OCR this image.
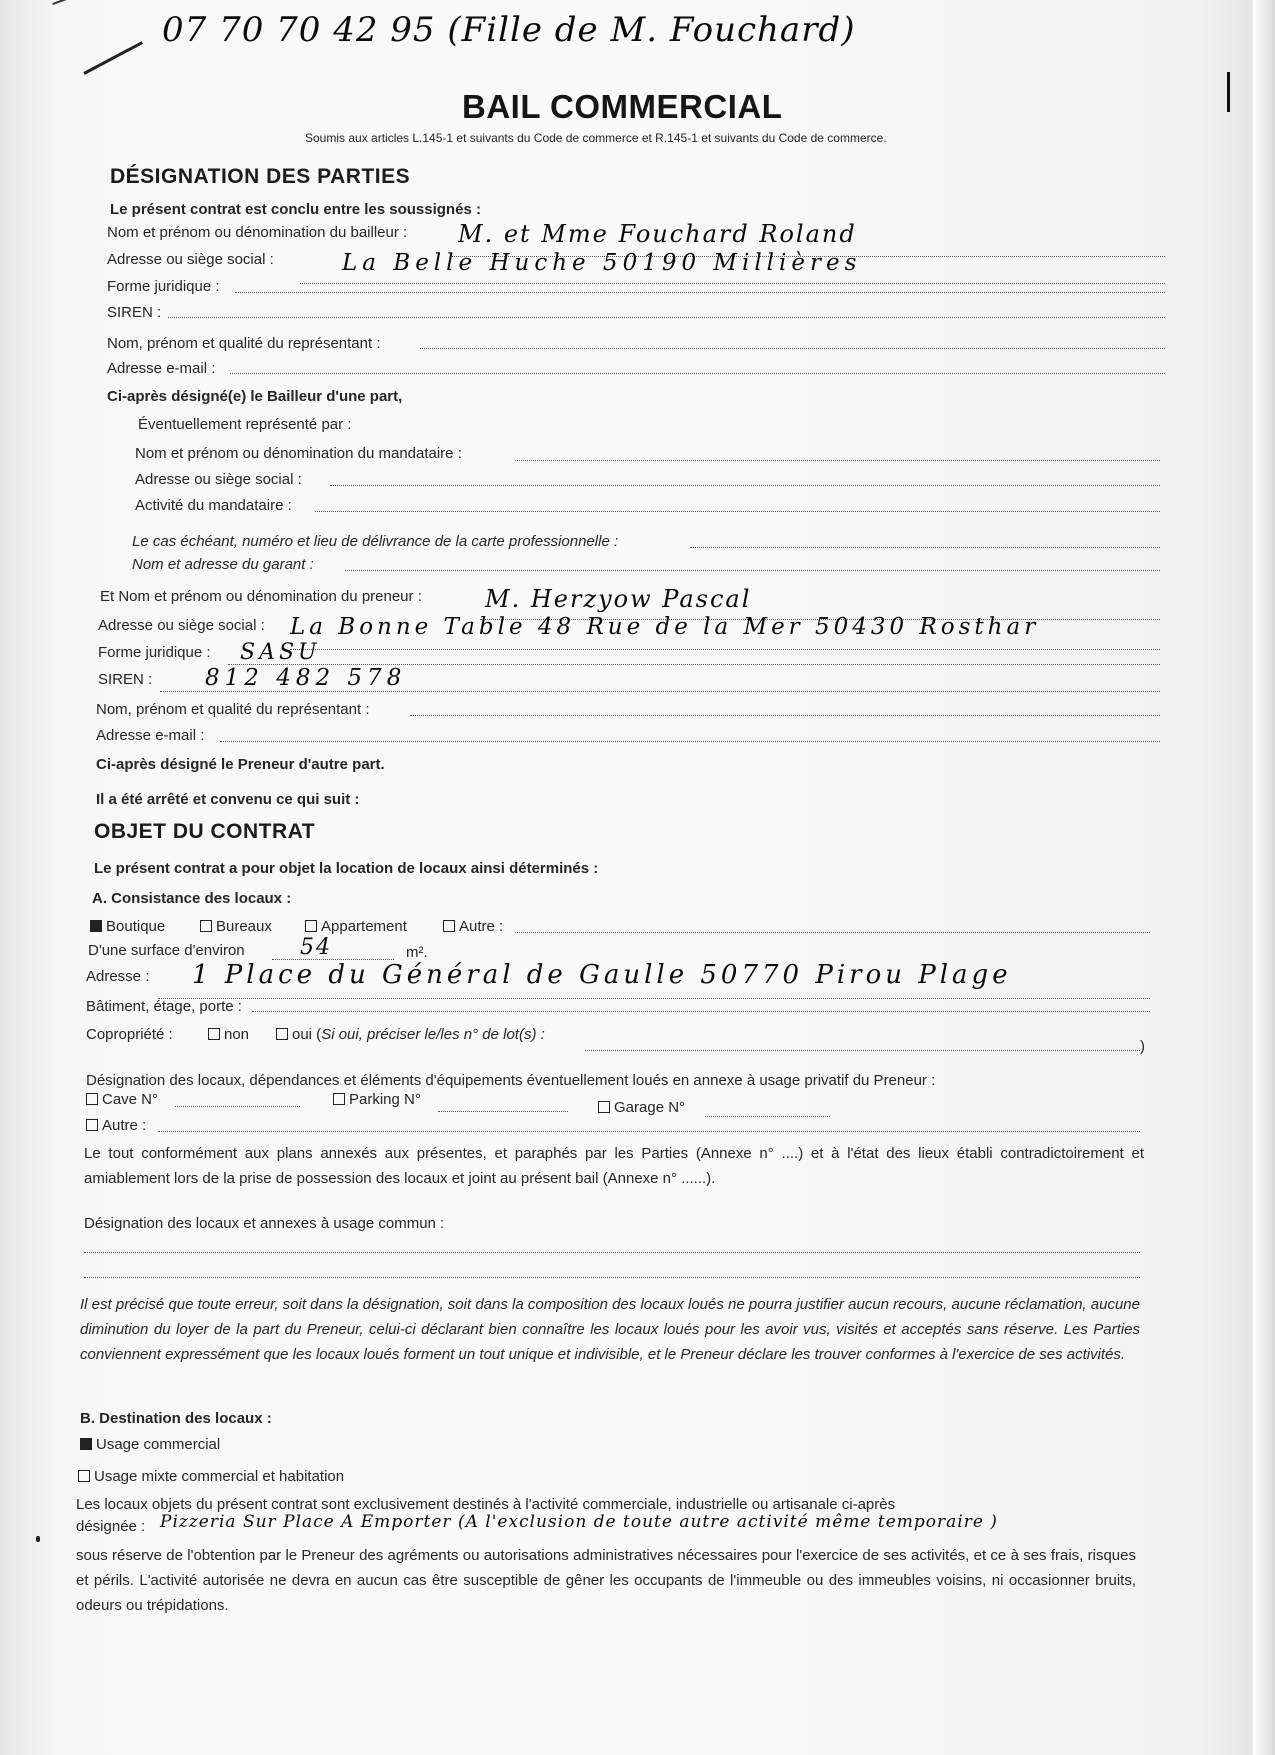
07 70 70 42 95 (Fille de M. Fouchard)
BAIL COMMERCIAL
Soumis aux articles L.145-1 et suivants du Code de commerce et R.145-1 et suivants du Code de commerce.
DÉSIGNATION DES PARTIES
Le présent contrat est conclu entre les soussignés :
Nom et prénom ou dénomination du bailleur : M. et Mme Fouchard Roland
Adresse ou siège social :	La Belle Huche 50190 Millières
Forme juridique :
SIREN :
Nom, prénom et qualité du représentant :
Adresse e-mail :
Ci-après désigné(e) le Bailleur d'une part,
Éventuellement représenté par :
Nom et prénom ou dénomination du mandataire :
Adresse ou siège social :
Activité du mandataire :
Le cas échéant, numéro et lieu de délivrance de la carte professionnelle :
Nom et adresse du garant :
Et Nom et prénom ou dénomination du preneur :	M. Herzyow Pascal
Adresse ou siège social : La Bonne Table 48 Rue de la Mer 50430 Rosthar
Forme juridique : SASU
SIREN : 812 482 578
Nom, prénom et qualité du représentant :
Adresse e-mail :
Ci-après désigné le Preneur d'autre part.
Il a été arrêté et convenu ce qui suit :
OBJET DU CONTRAT
Le présent contrat a pour objet la location de locaux ainsi déterminés :
A. Consistance des locaux :
Boutique	Bureaux	Appartement	Autre :
D'une surface d'environ	54	m².
Adresse : 1 Place du Général de Gaulle 50770 Pirou Plage
Bâtiment, étage, porte :
Copropriété :	non	oui (Si oui, préciser le/les n° de lot(s) :
)
Désignation des locaux, dépendances et éléments d'équipements éventuellement loués en annexe à usage privatif du Preneur :
Cave N°	Parking N°	Garage N°
Autre :
Le tout conformément aux plans annexés aux présentes, et paraphés par les Parties (Annexe n° ....) et à l'état des lieux établi contradictoirement et amiablement lors de la prise de possession des locaux et joint au présent bail (Annexe n° ......).
Désignation des locaux et annexes à usage commun :
Il est précisé que toute erreur, soit dans la désignation, soit dans la composition des locaux loués ne pourra justifier aucun recours, aucune réclamation, aucune diminution du loyer de la part du Preneur, celui-ci déclarant bien connaître les locaux loués pour les avoir vus, visités et acceptés sans réserve. Les Parties conviennent expressément que les locaux loués forment un tout unique et indivisible, et le Preneur déclare les trouver conformes à l'exercice de ses activités.
B. Destination des locaux :
Usage commercial
Usage mixte commercial et habitation
Les locaux objets du présent contrat sont exclusivement destinés à l'activité commerciale, industrielle ou artisanale ci-après
désignée : Pizzeria Sur Place A Emporter (A l'exclusion de toute autre activité même temporaire )
sous réserve de l'obtention par le Preneur des agréments ou autorisations administratives nécessaires pour l'exercice de ses activités, et ce à ses frais, risques et périls. L'activité autorisée ne devra en aucun cas être susceptible de gêner les occupants de l'immeuble ou des immeubles voisins, ni occasionner bruits, odeurs ou trépidations.
